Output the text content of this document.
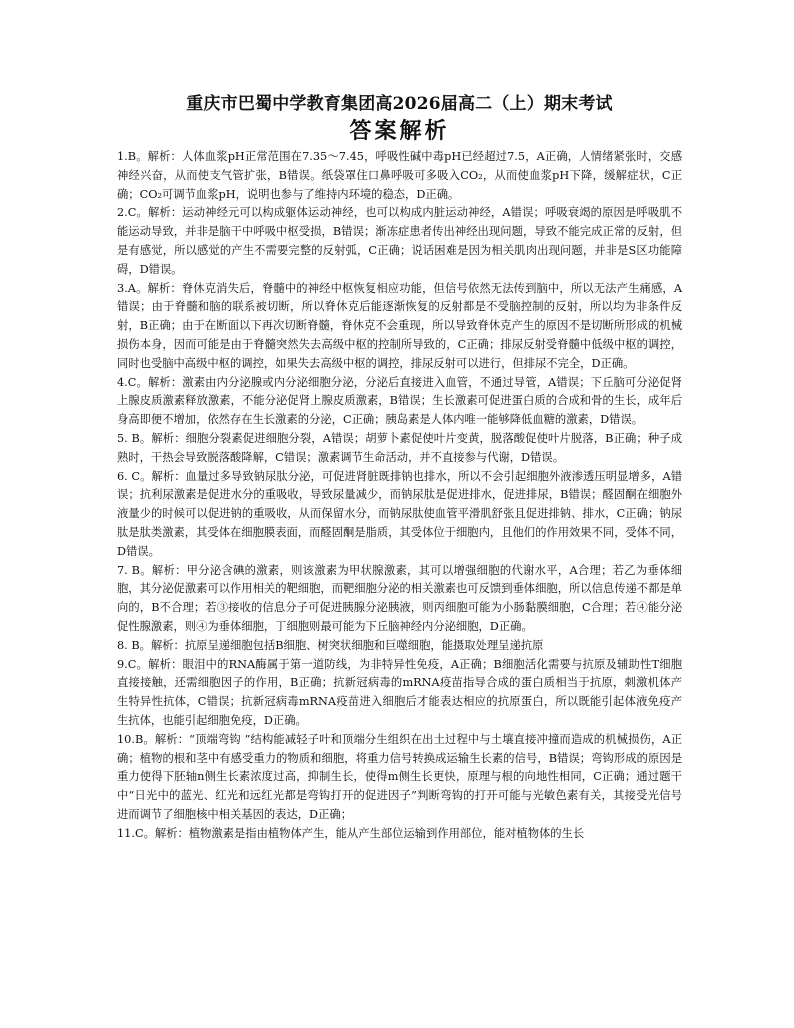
重庆市巴蜀中学教育集团高2026届高二（上）期末考试
答案解析

1.B。解析：人体血浆pH正常范围在7.35～7.45，呼吸性碱中毒pH已经超过7.5，A正确，人情绪紧张时，交感神经兴奋，从而使支气管扩张，B错误。纸袋罩住口鼻呼吸可多吸入CO₂，从而使血浆pH下降，缓解症状，C正确；CO₂可调节血浆pH，说明也参与了维持内环境的稳态，D正确。

2.C。解析：运动神经元可以构成躯体运动神经，也可以构成内脏运动神经，A错误；呼吸衰竭的原因是呼吸肌不能运动导致，并非是脑干中呼吸中枢受损，B错误；渐冻症患者传出神经出现问题，导致不能完成正常的反射，但是有感觉，所以感觉的产生不需要完整的反射弧，C正确；说话困难是因为相关肌肉出现问题，并非是S区功能障碍，D错误。

3.A。解析：脊休克消失后，脊髓中的神经中枢恢复相应功能，但信号依然无法传到脑中，所以无法产生痛感，A错误；由于脊髓和脑的联系被切断，所以脊休克后能逐渐恢复的反射都是不受脑控制的反射，所以均为非条件反射，B正确；由于在断面以下再次切断脊髓，脊休克不会重现，所以导致脊休克产生的原因不是切断所形成的机械损伤本身，因而可能是由于脊髓突然失去高级中枢的控制所导致的，C正确；排尿反射受脊髓中低级中枢的调控，同时也受脑中高级中枢的调控，如果失去高级中枢的调控，排尿反射可以进行，但排尿不完全，D正确。

4.C。解析：激素由内分泌腺或内分泌细胞分泌，分泌后直接进入血管，不通过导管，A错误；下丘脑可分泌促肾上腺皮质激素释放激素，不能分泌促肾上腺皮质激素，B错误；生长激素可促进蛋白质的合成和骨的生长，成年后身高即便不增加，依然存在生长激素的分泌，C正确；胰岛素是人体内唯一能够降低血糖的激素，D错误。

5. B。解析：细胞分裂素促进细胞分裂，A错误；胡萝卜素促使叶片变黄，脱落酸促使叶片脱落，B正确；种子成熟时，干热会导致脱落酸降解，C错误；激素调节生命活动，并不直接参与代谢，D错误。

6. C。解析：血量过多导致钠尿肽分泌，可促进肾脏既排钠也排水，所以不会引起细胞外液渗透压明显增多，A错误；抗利尿激素是促进水分的重吸收，导致尿量减少，而钠尿肽是促进排水，促进排尿，B错误；醛固酮在细胞外液量少的时候可以促进钠的重吸收，从而保留水分，而钠尿肽使血管平滑肌舒张且促进排钠、排水，C正确；钠尿肽是肽类激素，其受体在细胞膜表面，而醛固酮是脂质，其受体位于细胞内，且他们的作用效果不同，受体不同，D错误。

7. B。解析：甲分泌含碘的激素，则该激素为甲状腺激素，其可以增强细胞的代谢水平，A合理；若乙为垂体细胞，其分泌促激素可以作用相关的靶细胞，而靶细胞分泌的相关激素也可反馈到垂体细胞，所以信息传递不都是单向的，B不合理；若③接收的信息分子可促进胰腺分泌胰液，则丙细胞可能为小肠黏膜细胞，C合理；若④能分泌促性腺激素，则④为垂体细胞，丁细胞则最可能为下丘脑神经内分泌细胞，D正确。

8. B。解析：抗原呈递细胞包括B细胞、树突状细胞和巨噬细胞，能摄取处理呈递抗原

9.C。解析：眼泪中的RNA酶属于第一道防线，为非特异性免疫，A正确；B细胞活化需要与抗原及辅助性T细胞直接接触，还需细胞因子的作用，B正确；抗新冠病毒的mRNA疫苗指导合成的蛋白质相当于抗原，刺激机体产生特异性抗体，C错误；抗新冠病毒mRNA疫苗进入细胞后才能表达相应的抗原蛋白，所以既能引起体液免疫产生抗体，也能引起细胞免疫，D正确。

10.B。解析：“顶端弯钩 ”结构能减轻子叶和顶端分生组织在出土过程中与土壤直接冲撞而造成的机械损伤，A正确；植物的根和茎中有感受重力的物质和细胞，将重力信号转换成运输生长素的信号，B错误；弯钩形成的原因是重力使得下胚轴n侧生长素浓度过高，抑制生长，使得m侧生长更快，原理与根的向地性相同，C正确；通过题干中“日光中的蓝光、红光和远红光都是弯钩打开的促进因子”判断弯钩的打开可能与光敏色素有关，其接受光信号进而调节了细胞核中相关基因的表达，D正确；

11.C。解析：植物激素是指由植物体产生，能从产生部位运输到作用部位，能对植物体的生长
